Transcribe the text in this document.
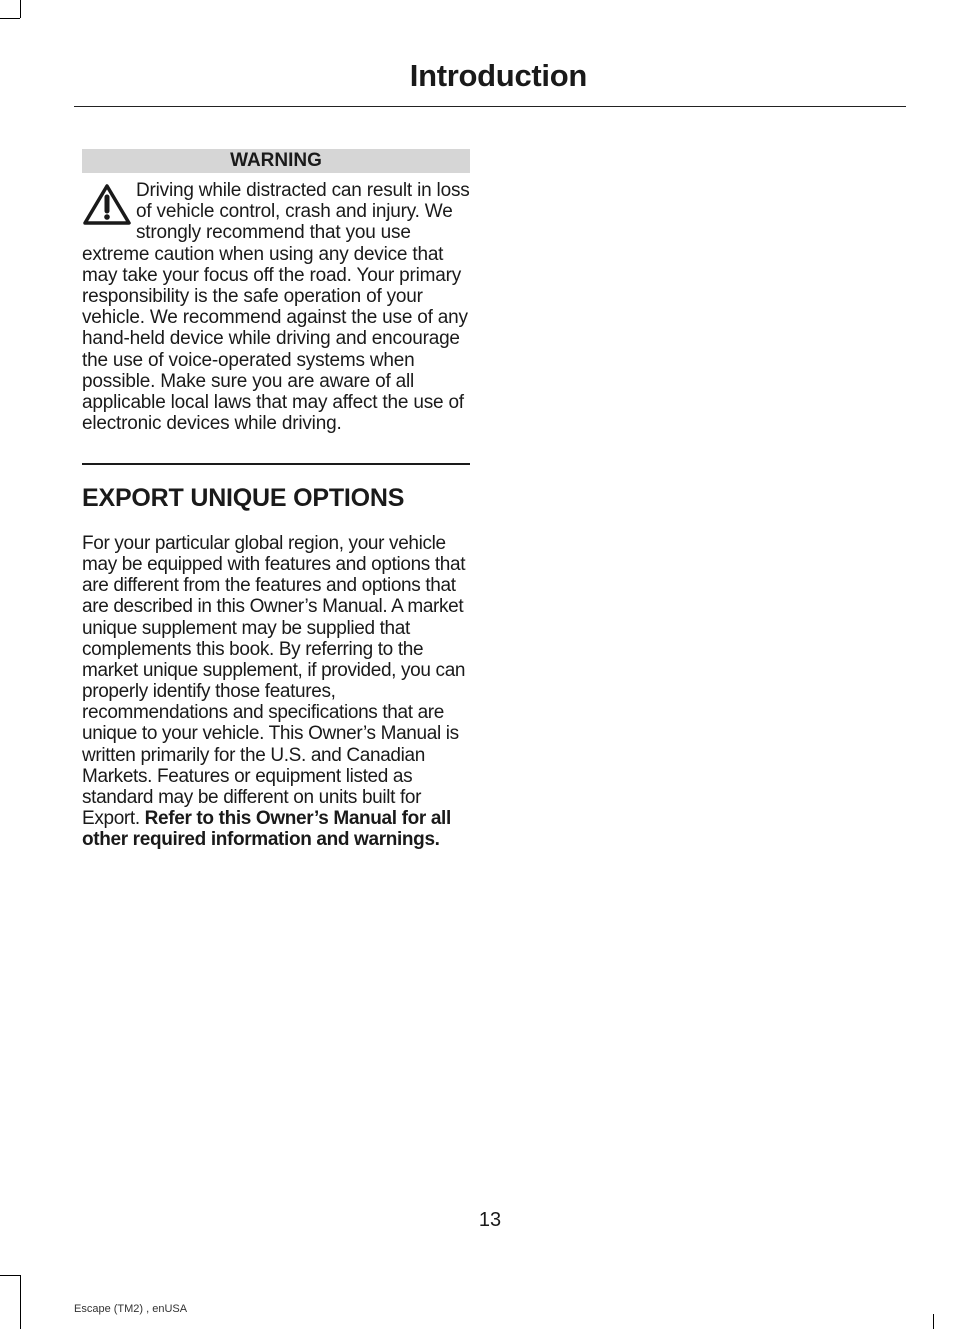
Introduction
WARNING
Driving while distracted can result in loss of vehicle control, crash and injury. We strongly recommend that you use extreme caution when using any device that may take your focus off the road. Your primary responsibility is the safe operation of your vehicle. We recommend against the use of any hand-held device while driving and encourage the use of voice-operated systems when possible. Make sure you are aware of all applicable local laws that may affect the use of electronic devices while driving.
EXPORT UNIQUE OPTIONS
For your particular global region, your vehicle may be equipped with features and options that are different from the features and options that are described in this Owner’s Manual. A market unique supplement may be supplied that complements this book. By referring to the market unique supplement, if provided, you can properly identify those features, recommendations and specifications that are unique to your vehicle. This Owner’s Manual is written primarily for the U.S. and Canadian Markets. Features or equipment listed as standard may be different on units built for Export. Refer to this Owner’s Manual for all other required information and warnings.
13
Escape (TM2) , enUSA
